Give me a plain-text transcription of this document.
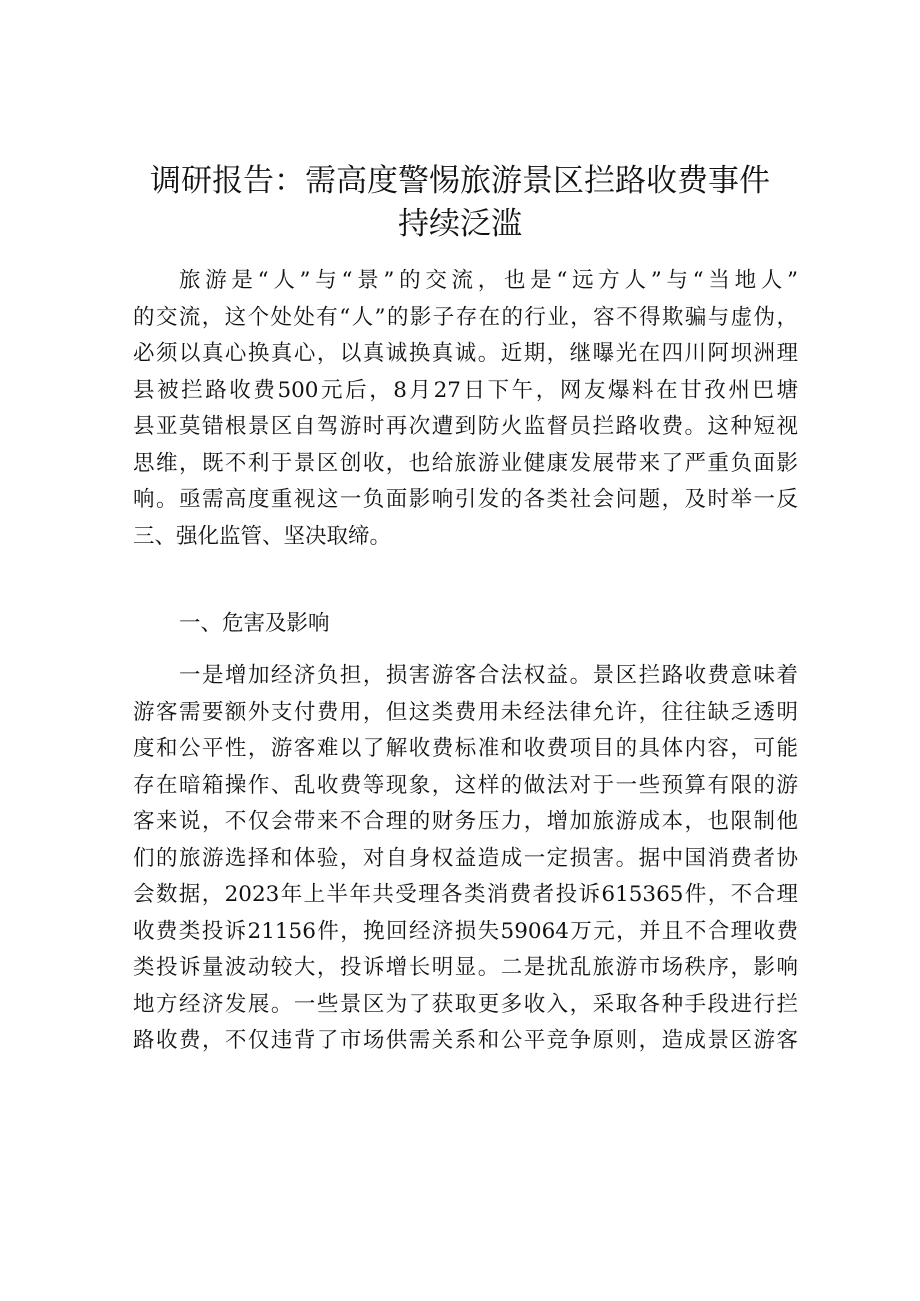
调研报告：需高度警惕旅游景区拦路收费事件
持续泛滥
旅游是“人”与“景”的交流，也是“远方人”与“当地人”
的交流，这个处处有“人”的影子存在的行业，容不得欺骗与虚伪，
必须以真心换真心，以真诚换真诚。近期，继曝光在四川阿坝洲理
县被拦路收费500元后，8月27日下午，网友爆料在甘孜州巴塘
县亚莫错根景区自驾游时再次遭到防火监督员拦路收费。这种短视
思维，既不利于景区创收，也给旅游业健康发展带来了严重负面影
响。亟需高度重视这一负面影响引发的各类社会问题，及时举一反
三、强化监管、坚决取缔。
一、危害及影响
一是增加经济负担，损害游客合法权益。景区拦路收费意味着
游客需要额外支付费用，但这类费用未经法律允许，往往缺乏透明
度和公平性，游客难以了解收费标准和收费项目的具体内容，可能
存在暗箱操作、乱收费等现象，这样的做法对于一些预算有限的游
客来说，不仅会带来不合理的财务压力，增加旅游成本，也限制他
们的旅游选择和体验，对自身权益造成一定损害。据中国消费者协
会数据，2023年上半年共受理各类消费者投诉615365件，不合理
收费类投诉21156件，挽回经济损失59064万元，并且不合理收费
类投诉量波动较大，投诉增长明显。二是扰乱旅游市场秩序，影响
地方经济发展。一些景区为了获取更多收入，采取各种手段进行拦
路收费，不仅违背了市场供需关系和公平竞争原则，造成景区游客
